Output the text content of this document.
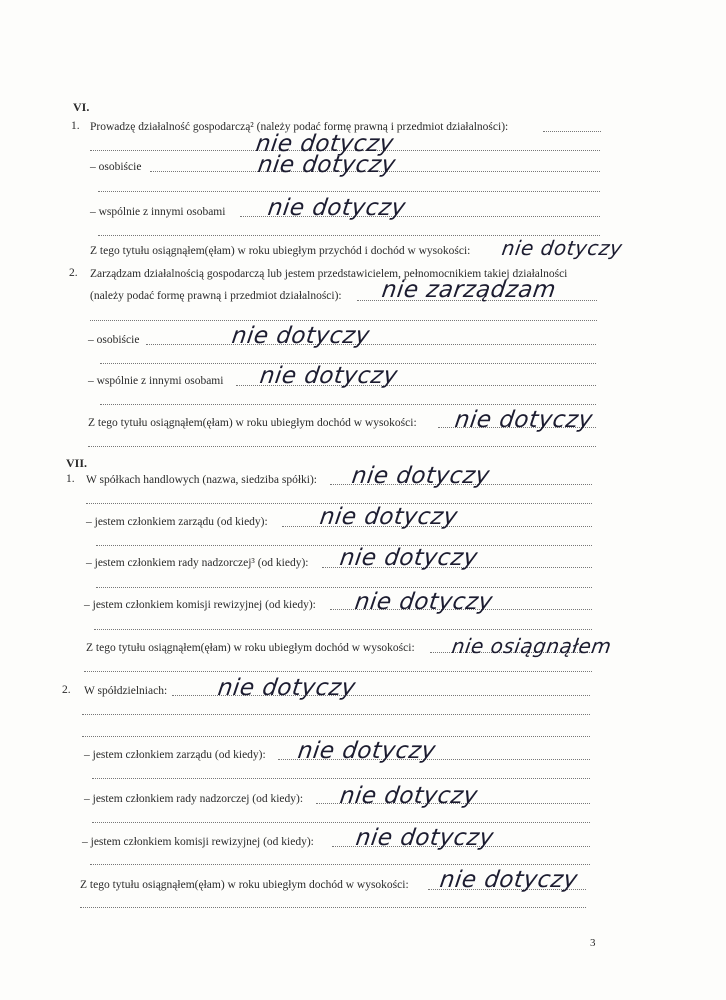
VI.
1. Prowadzę działalność gospodarczą² (należy podać formę prawną i przedmiot działalności):
nie dotyczy
– osobiście	nie dotyczy
– wspólnie z innymi osobami nie dotyczy
Z tego tytułu osiągnąłem(ęłam) w roku ubiegłym przychód i dochód w wysokości: nie dotyczy
2. Zarządzam działalnością gospodarczą lub jestem przedstawicielem, pełnomocnikiem takiej działalności
(należy podać formę prawną i przedmiot działalności): nie zarządzam
– osobiście	nie dotyczy
– wspólnie z innymi osobami nie dotyczy
Z tego tytułu osiągnąłem(ęłam) w roku ubiegłym dochód w wysokości: nie dotyczy
VII.
1. W spółkach handlowych (nazwa, siedziba spółki): nie dotyczy
– jestem członkiem zarządu (od kiedy): nie dotyczy
– jestem członkiem rady nadzorczej³ (od kiedy): nie dotyczy
– jestem członkiem komisji rewizyjnej (od kiedy): nie dotyczy
Z tego tytułu osiągnąłem(ęłam) w roku ubiegłym dochód w wysokości: nie osiągnąłem
2. W spółdzielniach: nie dotyczy
– jestem członkiem zarządu (od kiedy): nie dotyczy
– jestem członkiem rady nadzorczej (od kiedy): nie dotyczy
– jestem członkiem komisji rewizyjnej (od kiedy): nie dotyczy
Z tego tytułu osiągnąłem(ęłam) w roku ubiegłym dochód w wysokości: nie dotyczy
3
